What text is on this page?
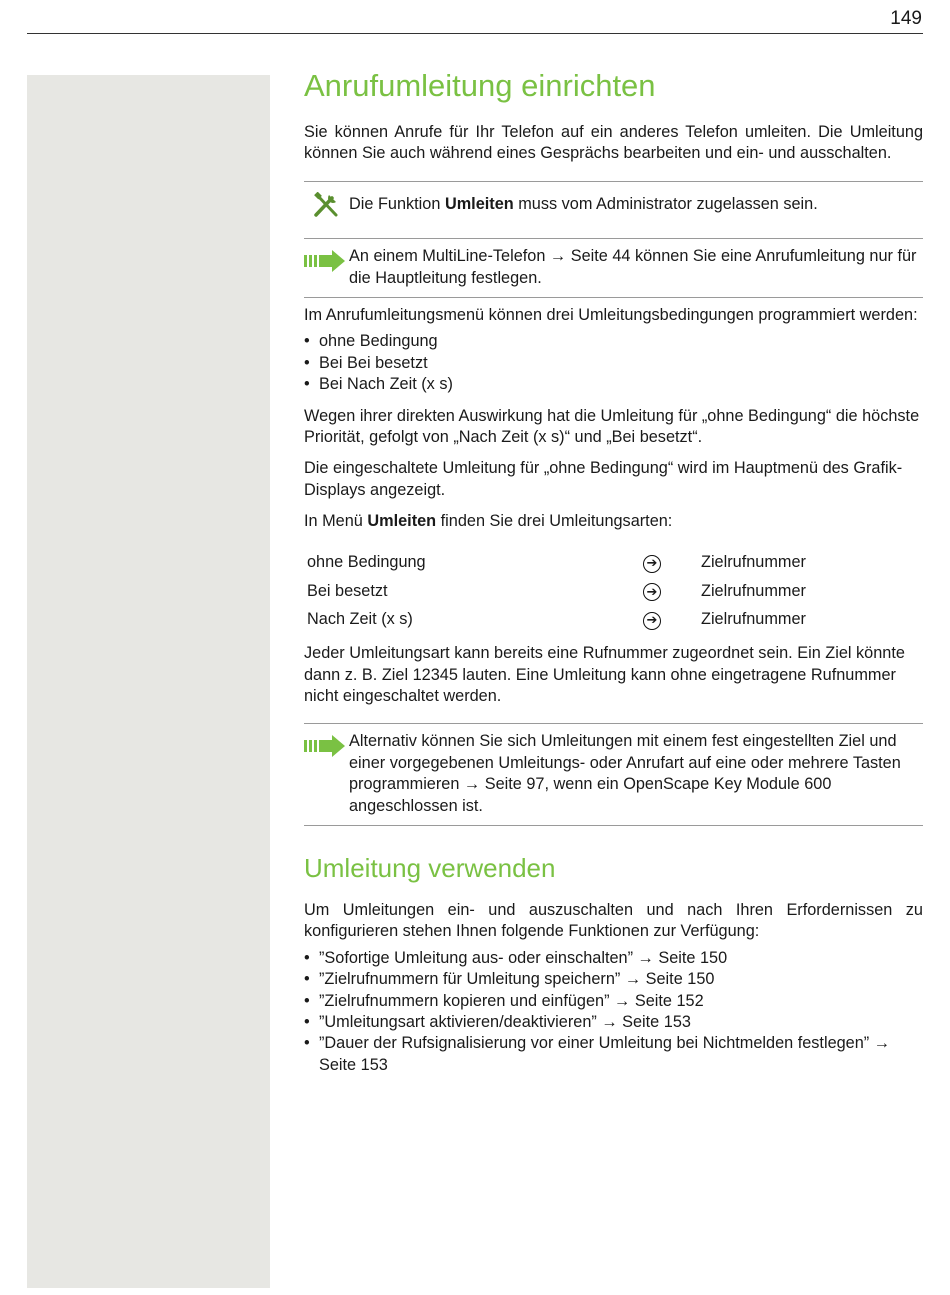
149
Anrufumleitung einrichten

Sie können Anrufe für Ihr Telefon auf ein anderes Telefon umleiten. Die Umleitung können Sie auch während eines Gesprächs bearbeiten und ein- und ausschalten.

Die Funktion Umleiten muss vom Administrator zugelassen sein.
An einem MultiLine-Telefon → Seite 44 können Sie eine Anrufumleitung nur für die Hauptleitung festlegen.

Im Anrufumleitungsmenü können drei Umleitungsbedingungen programmiert werden:

• ohne Bedingung
• Bei Bei besetzt
• Bei Nach Zeit (x s)

Wegen ihrer direkten Auswirkung hat die Umleitung für „ohne Bedingung“ die höchste Priorität, gefolgt von „Nach Zeit (x s)“ und „Bei besetzt“.

Die eingeschaltete Umleitung für „ohne Bedingung“ wird im Hauptmenü des Grafik-Displays angezeigt.

In Menü Umleiten finden Sie drei Umleitungsarten:

ohne Bedingung	➔	Zielrufnummer
Bei besetzt	➔	Zielrufnummer
Nach Zeit (x s)	➔	Zielrufnummer

Jeder Umleitungsart kann bereits eine Rufnummer zugeordnet sein. Ein Ziel könnte dann z. B. Ziel 12345 lauten. Eine Umleitung kann ohne eingetragene Rufnummer nicht eingeschaltet werden.

Alternativ können Sie sich Umleitungen mit einem fest eingestellten Ziel und einer vorgegebenen Umleitungs- oder Anrufart auf eine oder mehrere Tasten programmieren → Seite 97, wenn ein OpenScape Key Module 600 angeschlossen ist.
Umleitung verwenden

Um Umleitungen ein- und auszuschalten und nach Ihren Erfordernissen zu konfigurieren stehen Ihnen folgende Funktionen zur Verfügung:

• ”Sofortige Umleitung aus- oder einschalten” → Seite 150
• ”Zielrufnummern für Umleitung speichern” → Seite 150
• ”Zielrufnummern kopieren und einfügen” → Seite 152
• ”Umleitungsart aktivieren/deaktivieren” → Seite 153
• ”Dauer der Rufsignalisierung vor einer Umleitung bei Nichtmelden festlegen” → Seite 153
